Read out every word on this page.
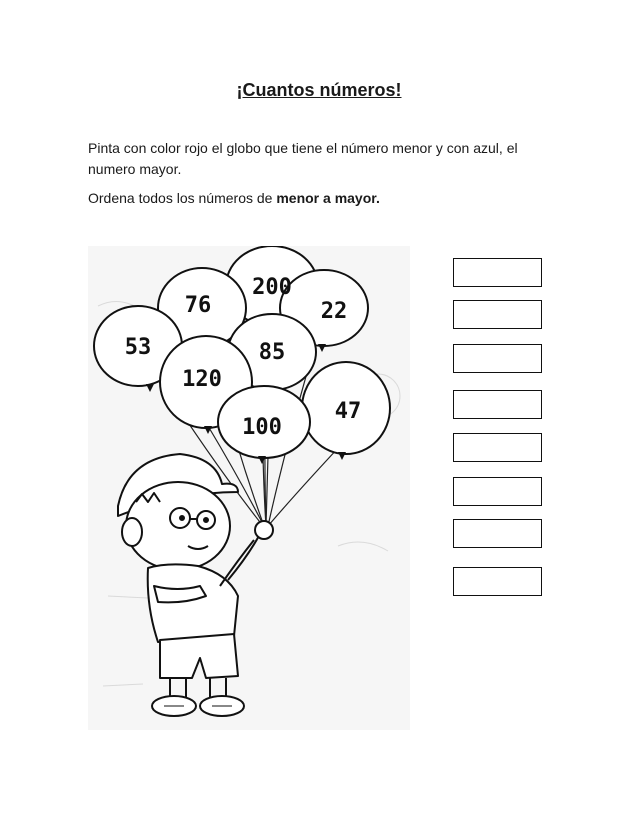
¡Cuantos números!
Pinta con color rojo el globo que tiene el número menor y con azul, el numero mayor.
Ordena todos los números de menor a mayor.
200
76	22
53	85
120
47
100
